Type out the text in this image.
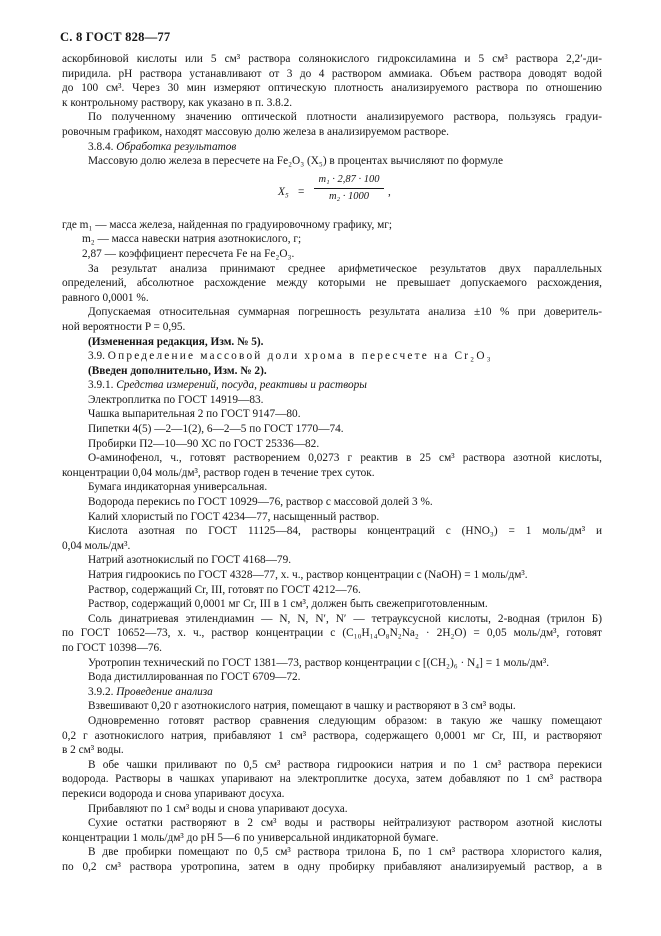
С. 8 ГОСТ 828—77

аскорбиновой кислоты или 5 см³ раствора солянокислого гидроксиламина и 5 см³ раствора 2,2′-ди-

пиридила. pH раствора устанавливают от 3 до 4 раствором аммиака. Объем раствора доводят водой

до 100 см³. Через 30 мин измеряют оптическую плотность анализируемого раствора по отношению

к контрольному раствору, как указано в п. 3.8.2.

По полученному значению оптической плотности анализируемого раствора, пользуясь градуи-

ровочным графиком, находят массовую долю железа в анализируемом растворе.

3.8.4. Обработка результатов

Массовую долю железа в пересчете на Fe₂O₃ (X₅) в процентах вычисляют по формуле

$X_5 = \frac{\text{m₁ · 2,87 · 100}}{\text{m₂ · 1000}}$ ,

где m₁ — масса железа, найденная по градуировочному графику, мг;

m₂ — масса навески натрия азотнокислого, г;

2,87 — коэффициент пересчета Fe на Fe₂O₃.

За результат анализа принимают среднее арифметическое результатов двух параллельных

определений, абсолютное расхождение между которыми не превышает допускаемого расхождения,

равного 0,0001 %.

Допускаемая относительная суммарная погрешность результата анализа ±10 % при доверитель-

ной вероятности P = 0,95.

(Измененная редакция, Изм. № 5).

3.9. Определение массовой доли хрома в пересчете на Cr₂O₃

(Введен дополнительно, Изм. № 2).

3.9.1. Средства измерений, посуда, реактивы и растворы

Электроплитка по ГОСТ 14919—83.

Чашка выпарительная 2 по ГОСТ 9147—80.

Пипетки 4(5) —2—1(2), 6—2—5 по ГОСТ 1770—74.

Пробирки П2—10—90 ХС по ГОСТ 25336—82.

О-аминофенол, ч., готовят растворением 0,0273 г реактив в 25 см³ раствора азотной кислоты,

концентрации 0,04 моль/дм³, раствор годен в течение трех суток.

Бумага индикаторная универсальная.

Водорода перекись по ГОСТ 10929—76, раствор с массовой долей 3 %.

Калий хлористый по ГОСТ 4234—77, насыщенный раствор.

Кислота азотная по ГОСТ 11125—84, растворы концентраций c (HNO₃) = 1 моль/дм³ и

0,04 моль/дм³.

Натрий азотнокислый по ГОСТ 4168—79.

Натрия гидроокись по ГОСТ 4328—77, х. ч., раствор концентрации c (NaOH) = 1 моль/дм³.

Раствор, содержащий Cr, III, готовят по ГОСТ 4212—76.

Раствор, содержащий 0,0001 мг Cr, III в 1 см³, должен быть свежеприготовленным.

Соль динатриевая этилендиамин — N, N, N′, N′ — тетрауксусной кислоты, 2-водная (трилон Б)

по ГОСТ 10652—73, х. ч., раствор концентрации c (C₁₀H₁₄O₈N₂Na₂ · 2H₂O) = 0,05 моль/дм³, готовят

по ГОСТ 10398—76.

Уротропин технический по ГОСТ 1381—73, раствор концентрации c [(CH₂)₆ · N₄] = 1 моль/дм³.

Вода дистиллированная по ГОСТ 6709—72.

3.9.2. Проведение анализа

Взвешивают 0,20 г азотнокислого натрия, помещают в чашку и растворяют в 3 см³ воды.

Одновременно готовят раствор сравнения следующим образом: в такую же чашку помещают

0,2 г азотнокислого натрия, прибавляют 1 см³ раствора, содержащего 0,0001 мг Cr, III, и растворяют

в 2 см³ воды.

В обе чашки приливают по 0,5 см³ раствора гидроокиси натрия и по 1 см³ раствора перекиси

водорода. Растворы в чашках упаривают на электроплитке досуха, затем добавляют по 1 см³ раствора

перекиси водорода и снова упаривают досуха.

Прибавляют по 1 см³ воды и снова упаривают досуха.

Сухие остатки растворяют в 2 см³ воды и растворы нейтрализуют раствором азотной кислоты

концентрации 1 моль/дм³ до pH 5—6 по универсальной индикаторной бумаге.

В две пробирки помещают по 0,5 см³ раствора трилона Б, по 1 см³ раствора хлористого калия,

по 0,2 см³ раствора уротропина, затем в одну пробирку прибавляют анализируемый раствор, а в
